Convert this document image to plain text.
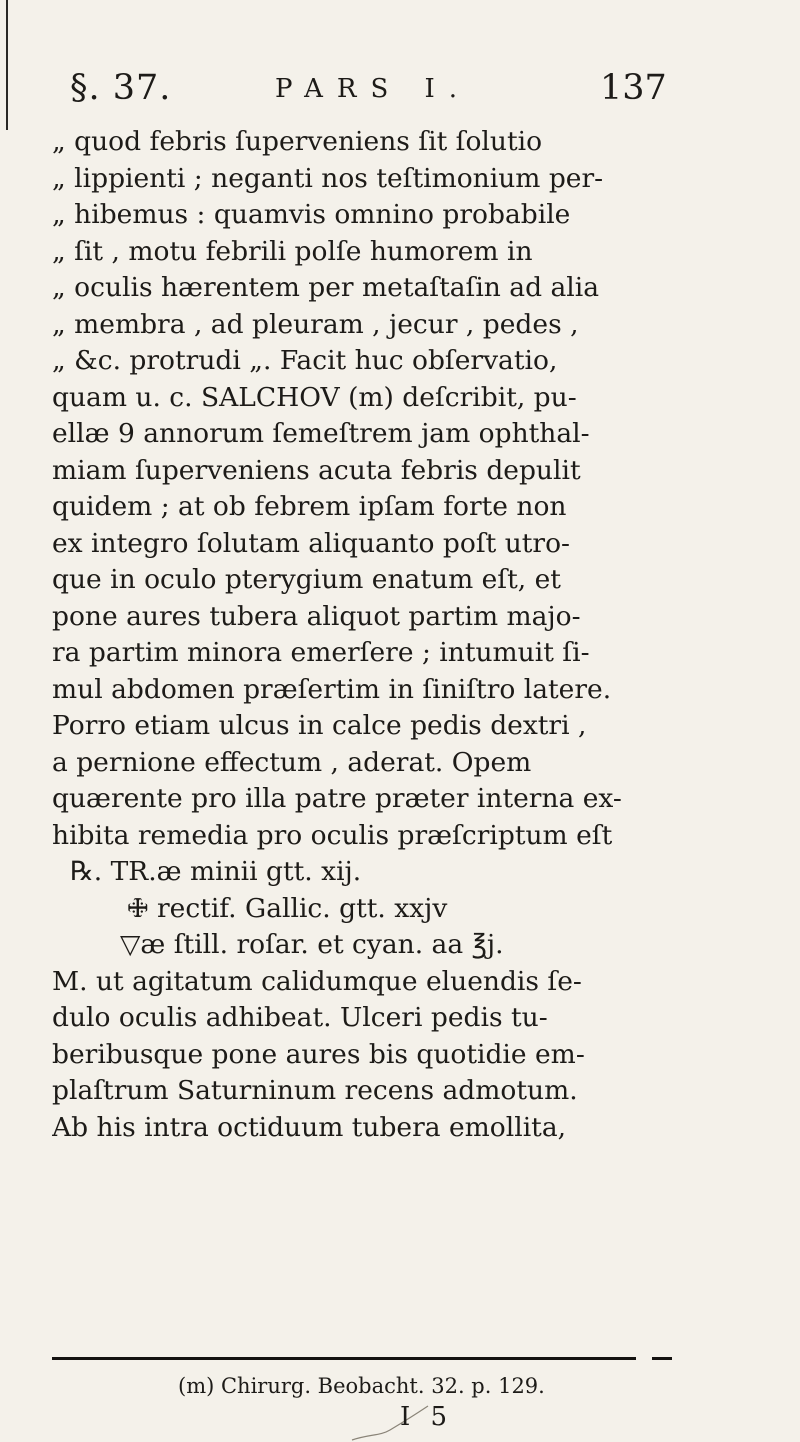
§. 37.	PARS I.	137
„ quod febris ſuperveniens ſit ſolutio
„ lippienti ; neganti nos teſtimonium per-
„ hibemus : quamvis omnino probabile
„ ſit , motu febrili polſe humorem in
„ oculis hærentem per metaſtaſin ad alia
„ membra , ad pleuram , jecur , pedes ,
„ &c. protrudi „. Facit huc obſervatio,
quam u. c. SALCHOV (m) deſcribit, pu-
ellæ 9 annorum ſemeſtrem jam ophthal-
miam ſuperveniens acuta febris depulit
quidem ; at ob febrem ipſam forte non
ex integro ſolutam aliquanto poſt utro-
que in oculo pterygium enatum eſt, et
pone aures tubera aliquot partim majo-
ra partim minora emerſere ; intumuit ſi-
mul abdomen præſertim in ſiniſtro latere.
Porro etiam ulcus in calce pedis dextri ,
a pernione effectum , aderat. Opem
quærente pro illa patre præter interna ex-
hibita remedia pro oculis præſcriptum eſt
℞. TR.æ minii gtt. xij.
🜋 rectif. Gallic. gtt. xxjv
▽æ ſtill. roſar. et cyan. aa ℥j.
M. ut agitatum calidumque eluendis ſe-
dulo oculis adhibeat. Ulceri pedis tu-
beribusque pone aures bis quotidie em-
plaſtrum Saturninum recens admotum.
Ab his intra octiduum tubera emollita,
(m) Chirurg. Beobacht. 32. p. 129.
I 5
